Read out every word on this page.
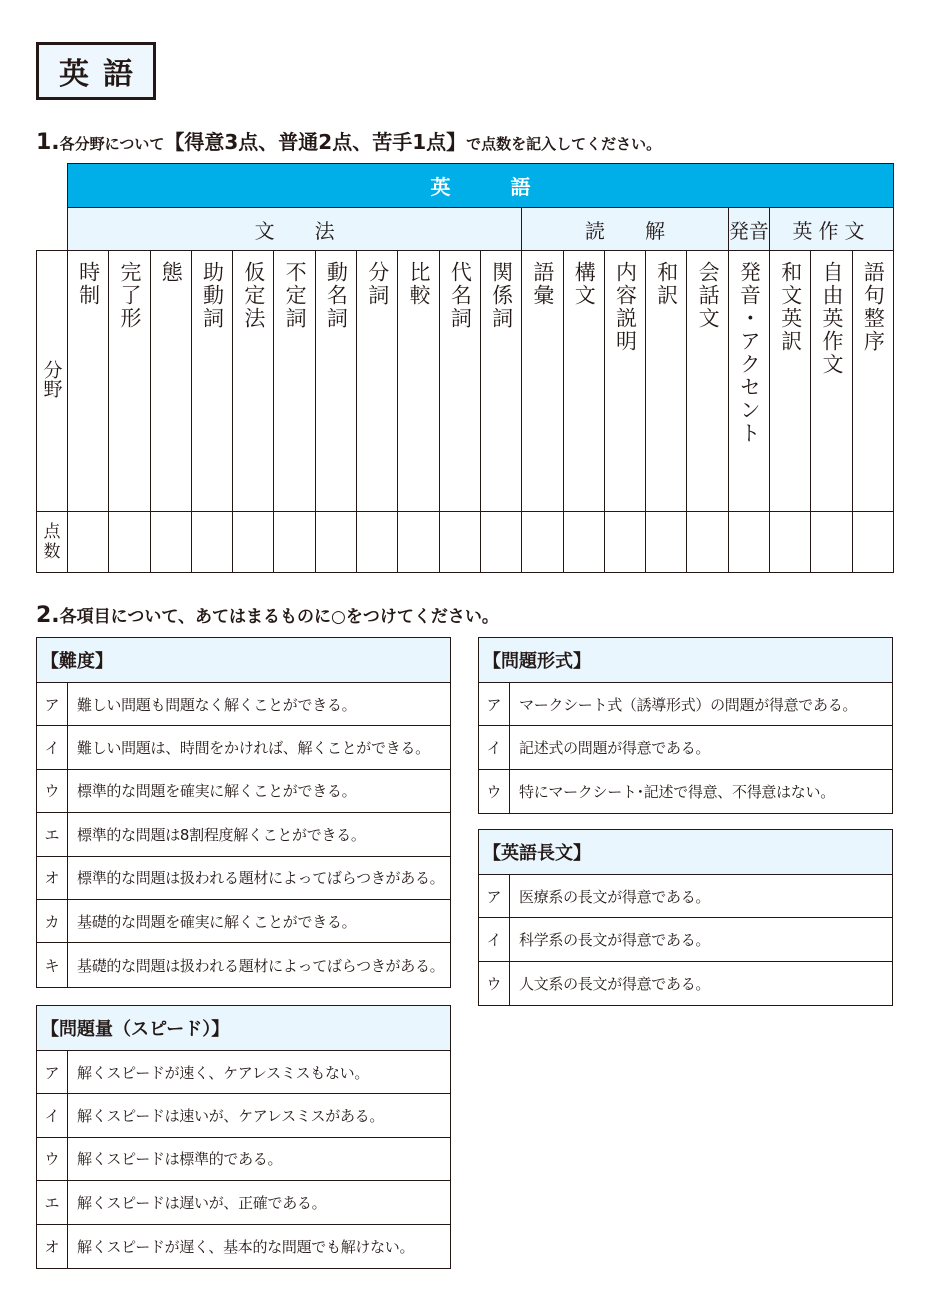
英語
1.各分野について【得意3点、普通2点、苦手1点】で点数を記入してください。
	英語																			
	文法											読解					発音	英作文		
分野	時制	完了形	態	助動詞	仮定法	不定詞	動名詞	分詞	比較	代名詞	関係詞	語彙	構文	内容説明	和訳	会話文	発音・アクセント	和文英訳	自由英作文	語句整序

点数																				

2.各項目について、あてはまるものに○をつけてください。
【難度】
ア	難しい問題も問題なく解くことができる。
イ	難しい問題は、時間をかければ、解くことができる。
ウ	標準的な問題を確実に解くことができる。
エ	標準的な問題は8割程度解くことができる。
オ	標準的な問題は扱われる題材によってばらつきがある。
カ	基礎的な問題を確実に解くことができる。
キ	基礎的な問題は扱われる題材によってばらつきがある。
【問題量（スピード）】
ア	解くスピードが速く、ケアレスミスもない。
イ	解くスピードは速いが、ケアレスミスがある。
ウ	解くスピードは標準的である。
エ	解くスピードは遅いが、正確である。
オ	解くスピードが遅く、基本的な問題でも解けない。
【問題形式】
ア	マークシート式（誘導形式）の問題が得意である。
イ	記述式の問題が得意である。
ウ	特にマークシート･記述で得意、不得意はない。
【英語長文】
ア	医療系の長文が得意である。
イ	科学系の長文が得意である。
ウ	人文系の長文が得意である。
